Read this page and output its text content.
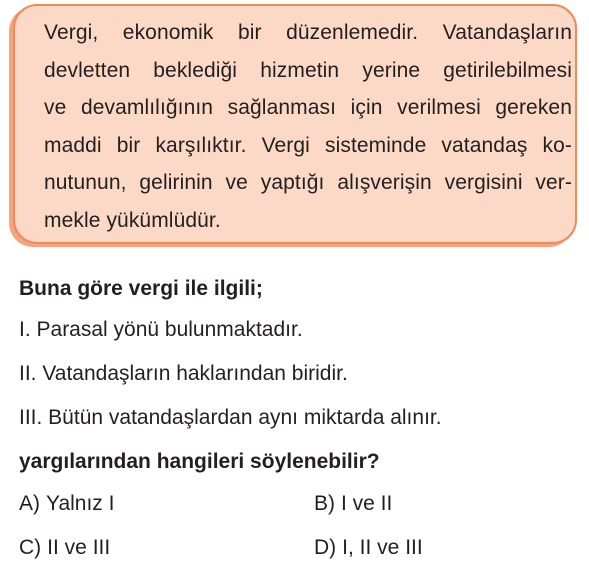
Vergi, ekonomik bir düzenlemedir. Vatandaşların
devletten beklediği hizmetin yerine getirilebilmesi
ve devamlılığının sağlanması için verilmesi gereken
maddi bir karşılıktır. Vergi sisteminde vatandaş ko-
nutunun, gelirinin ve yaptığı alışverişin vergisini ver-
mekle yükümlüdür.

Buna göre vergi ile ilgili;

I. Parasal yönü bulunmaktadır.

II. Vatandaşların haklarından biridir.

III. Bütün vatandaşlardan aynı miktarda alınır.

yargılarından hangileri söylenebilir?

A) Yalnız I	B) I ve II
C) II ve III	D) I, II ve III
